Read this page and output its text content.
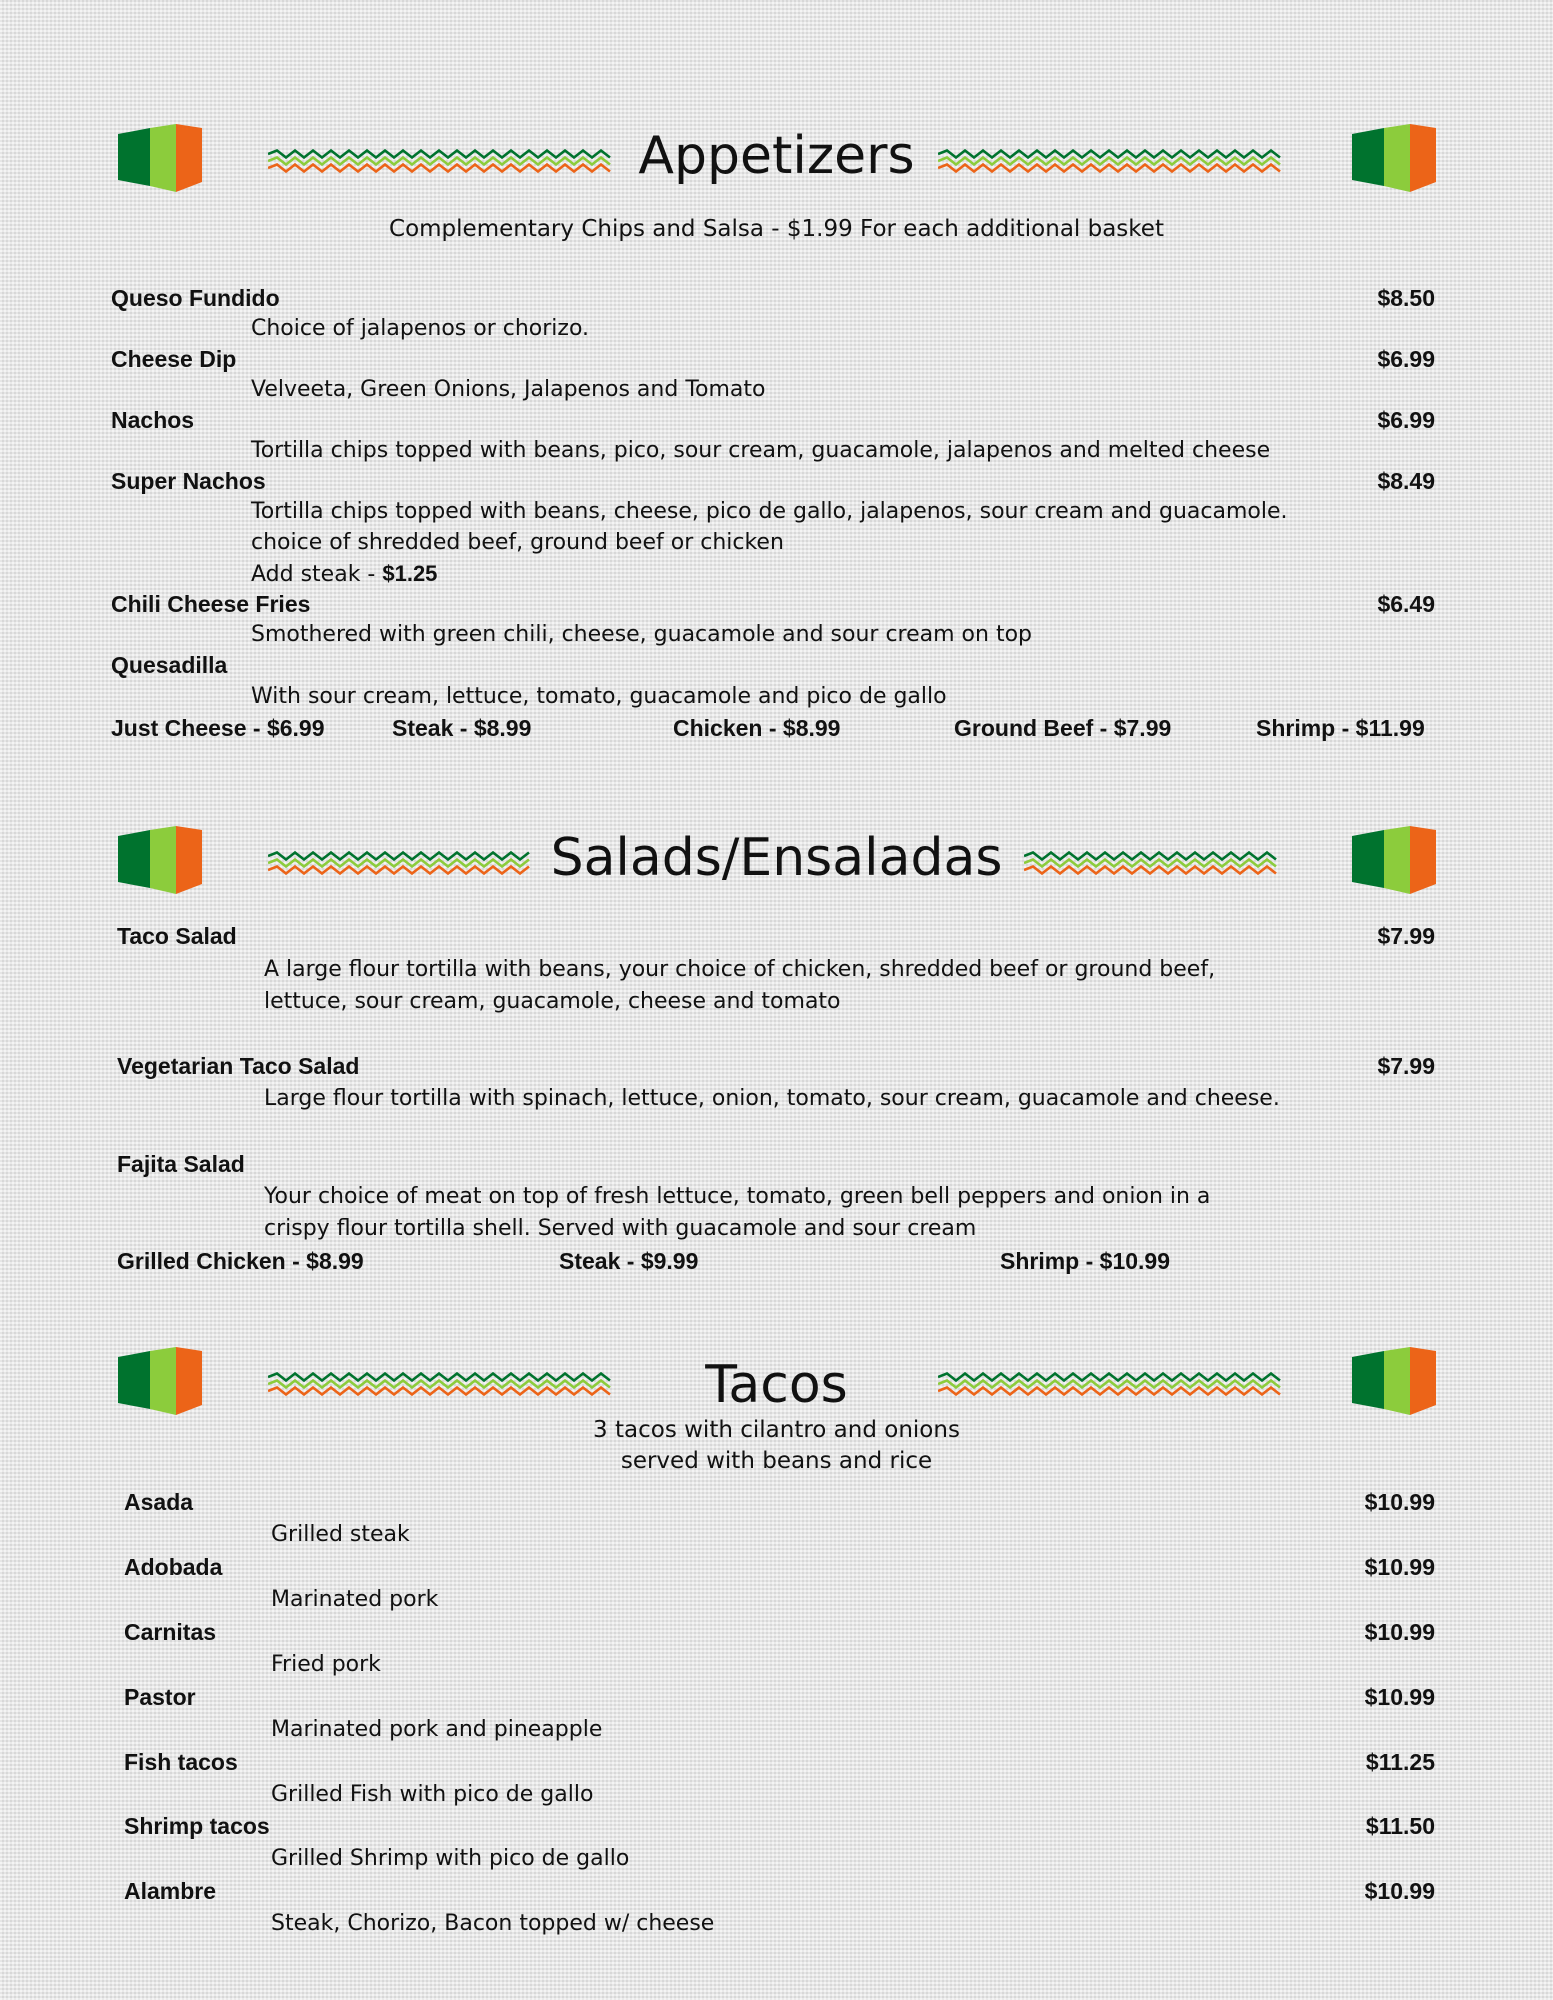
Appetizers
Complementary Chips and Salsa - $1.99 For each additional basket
Queso Fundido	$8.50
Choice of jalapenos or chorizo.
Cheese Dip	$6.99
Velveeta, Green Onions, Jalapenos and Tomato
Nachos	$6.99
Tortilla chips topped with beans, pico, sour cream, guacamole, jalapenos and melted cheese
Super Nachos	$8.49
Tortilla chips topped with beans, cheese, pico de gallo, jalapenos, sour cream and guacamole.
choice of shredded beef, ground beef or chicken
Add steak - $1.25
Chili Cheese Fries	$6.49
Smothered with green chili, cheese, guacamole and sour cream on top
Quesadilla
With sour cream, lettuce, tomato, guacamole and pico de gallo
Just Cheese - $6.99	Steak - $8.99	Chicken - $8.99	Ground Beef - $7.99	Shrimp - $11.99
Salads/Ensaladas
Taco Salad	$7.99
A large flour tortilla with beans, your choice of chicken, shredded beef or ground beef,
lettuce, sour cream, guacamole, cheese and tomato
Vegetarian Taco Salad	$7.99
Large flour tortilla with spinach, lettuce, onion, tomato, sour cream, guacamole and cheese.
Fajita Salad
Your choice of meat on top of fresh lettuce, tomato, green bell peppers and onion in a
crispy flour tortilla shell. Served with guacamole and sour cream
Grilled Chicken - $8.99	Steak - $9.99	Shrimp - $10.99
Tacos
3 tacos with cilantro and onions
served with beans and rice
Asada	$10.99
Grilled steak
Adobada	$10.99
Marinated pork
Carnitas	$10.99
Fried pork
Pastor	$10.99
Marinated pork and pineapple
Fish tacos	$11.25
Grilled Fish with pico de gallo
Shrimp tacos	$11.50
Grilled Shrimp with pico de gallo
Alambre	$10.99
Steak, Chorizo, Bacon topped w/ cheese
